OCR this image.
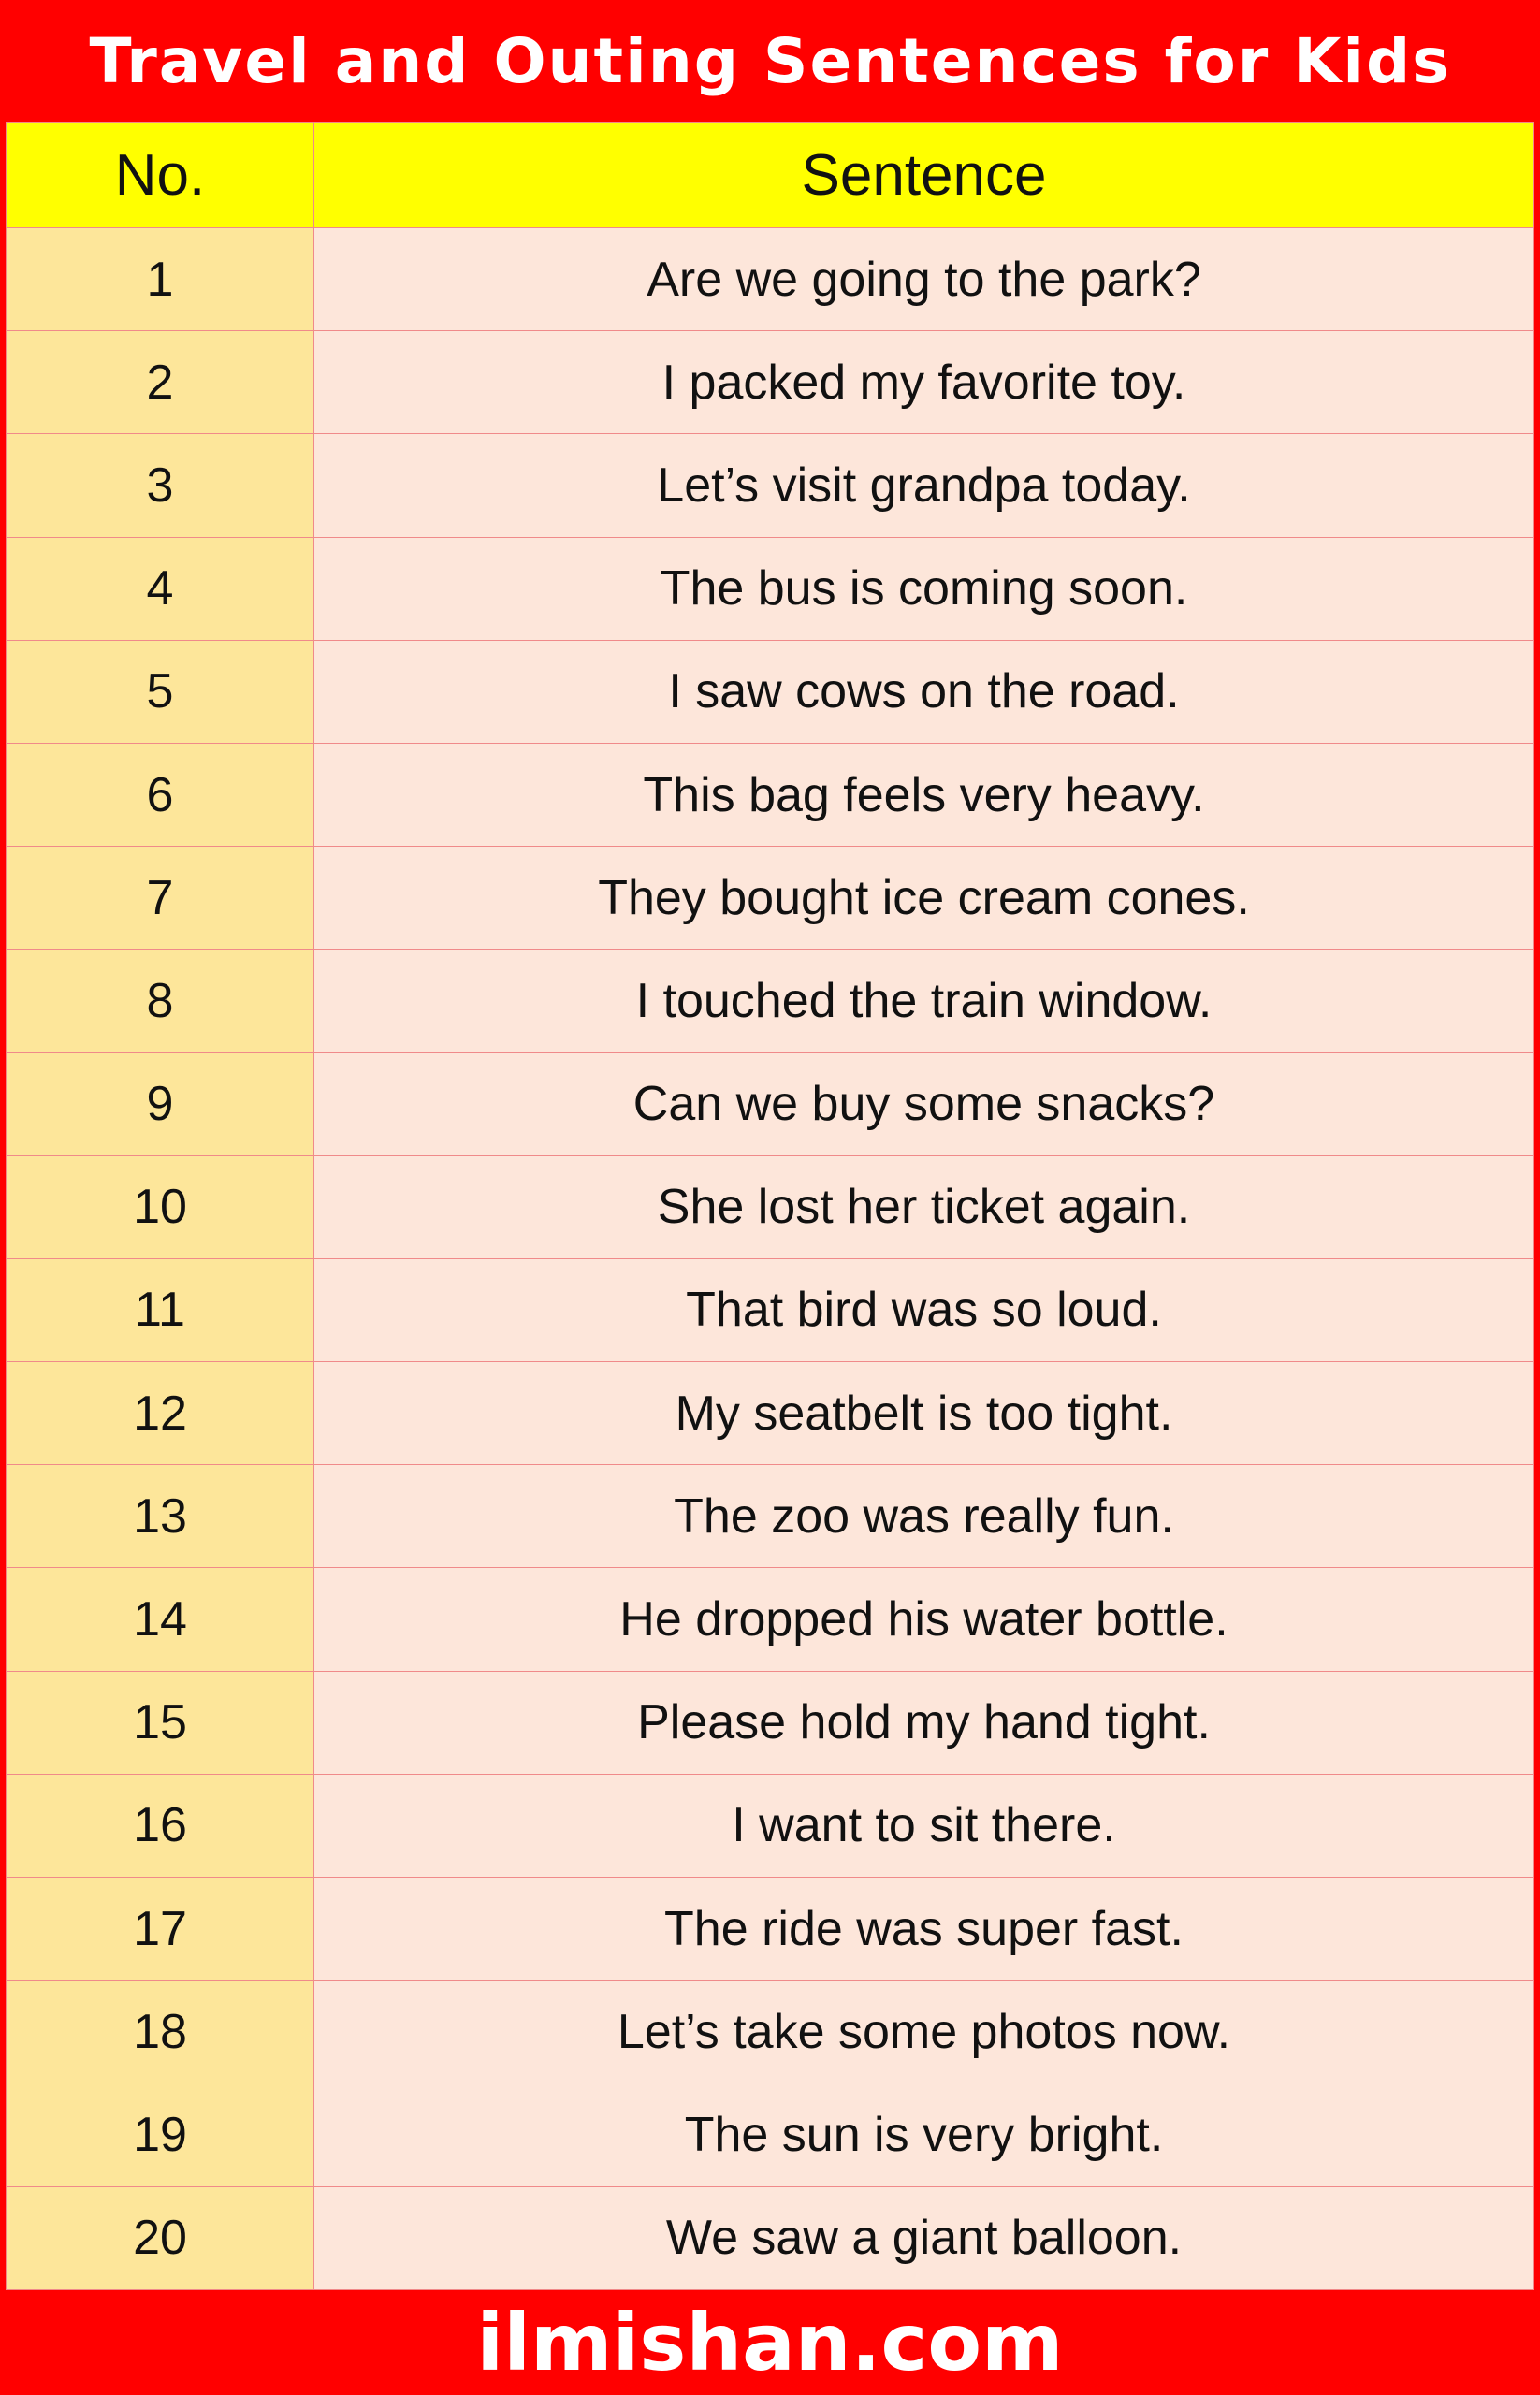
Travel and Outing Sentences for Kids
No.	Sentence
1	Are we going to the park?
2	I packed my favorite toy.
3	Let’s visit grandpa today.
4	The bus is coming soon.
5	I saw cows on the road.
6	This bag feels very heavy.
7	They bought ice cream cones.
8	I touched the train window.
9	Can we buy some snacks?
10	She lost her ticket again.
11	That bird was so loud.
12	My seatbelt is too tight.
13	The zoo was really fun.
14	He dropped his water bottle.
15	Please hold my hand tight.
16	I want to sit there.
17	The ride was super fast.
18	Let’s take some photos now.
19	The sun is very bright.
20	We saw a giant balloon.
ilmishan.com
